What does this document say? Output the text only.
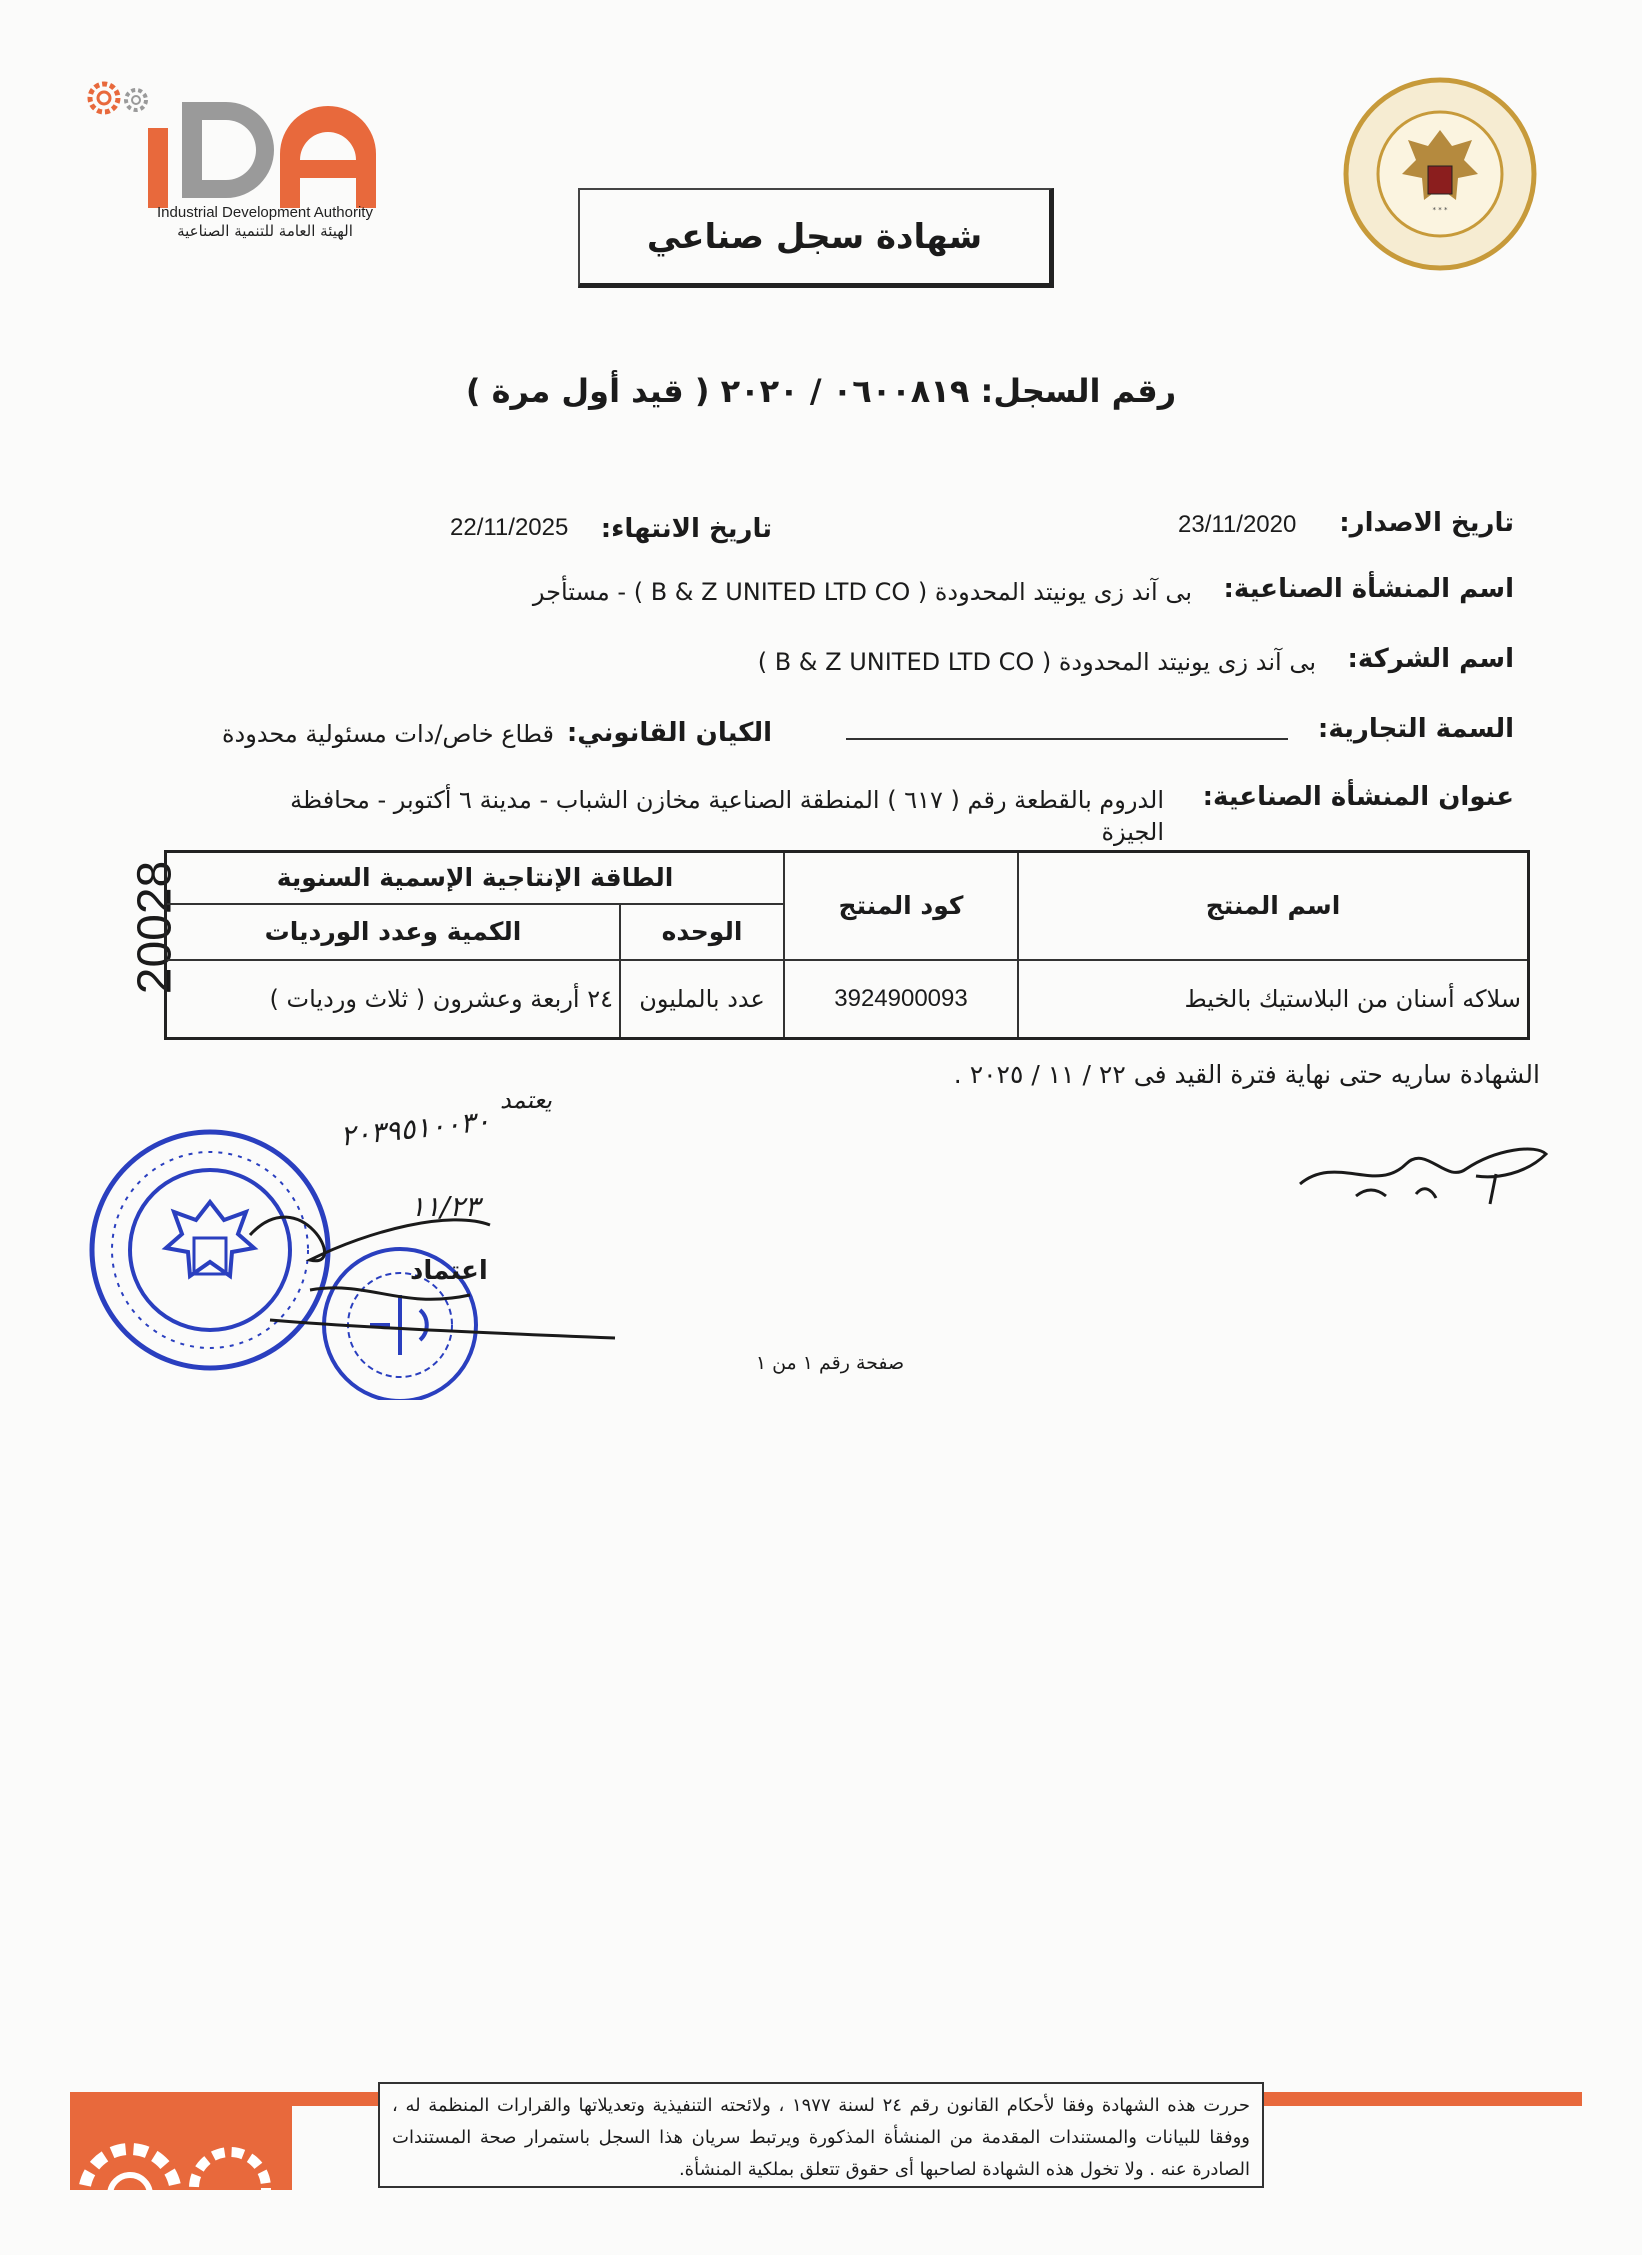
Industrial Development Authority
الهيئة العامة للتنمية الصناعية
* * *
شهادة سجل صناعي
رقم السجل: ٠٦٠٠٨١٩ / ٢٠٢٠ ( قيد أول مرة )
تاريخ الاصدار:
23/11/2020
تاريخ الانتهاء:
22/11/2025
اسم المنشأة الصناعية:
بى آند زى يونيتد المحدودة ( B & Z UNITED LTD CO ) - مستأجر
اسم الشركة:
بى آند زى يونيتد المحدودة ( B & Z UNITED LTD CO )
السمة التجارية:
الكيان القانوني:
قطاع خاص/دات مسئولية محدودة
عنوان المنشأة الصناعية:
الدروم بالقطعة رقم ( ٦١٧ ) المنطقة الصناعية مخازن الشباب - مدينة ٦ أكتوبر - محافظة
الجيزة
20028	اسم المنتج	كود المنتج	الطاقة الإنتاجية الإسمية السنوية	
		الوحده	الكمية وعدد الورديات
سلاكه أسنان من البلاستيك بالخيط	3924900093	عدد بالمليون	٢٤ أربعة وعشرون ( ثلاث ورديات )
الشهادة ساريه حتى نهاية فترة القيد فى ٢٢ / ١١ / ٢٠٢٥ .
٢٠٣٩٥١٠٠٣٠
يعتمد
١١/٢٣
اعتماد
صفحة رقم ١ من ١
حررت هذه الشهادة وفقا لأحكام القانون رقم ٢٤ لسنة ١٩٧٧ ، ولائحته التنفيذية وتعديلاتها والقرارات المنظمة له ، ووفقا للبيانات والمستندات المقدمة من المنشأة المذكورة ويرتبط سريان هذا السجل باستمرار صحة المستندات الصادرة عنه . ولا تخول هذه الشهادة لصاحبها أى حقوق تتعلق بملكية المنشأة.
